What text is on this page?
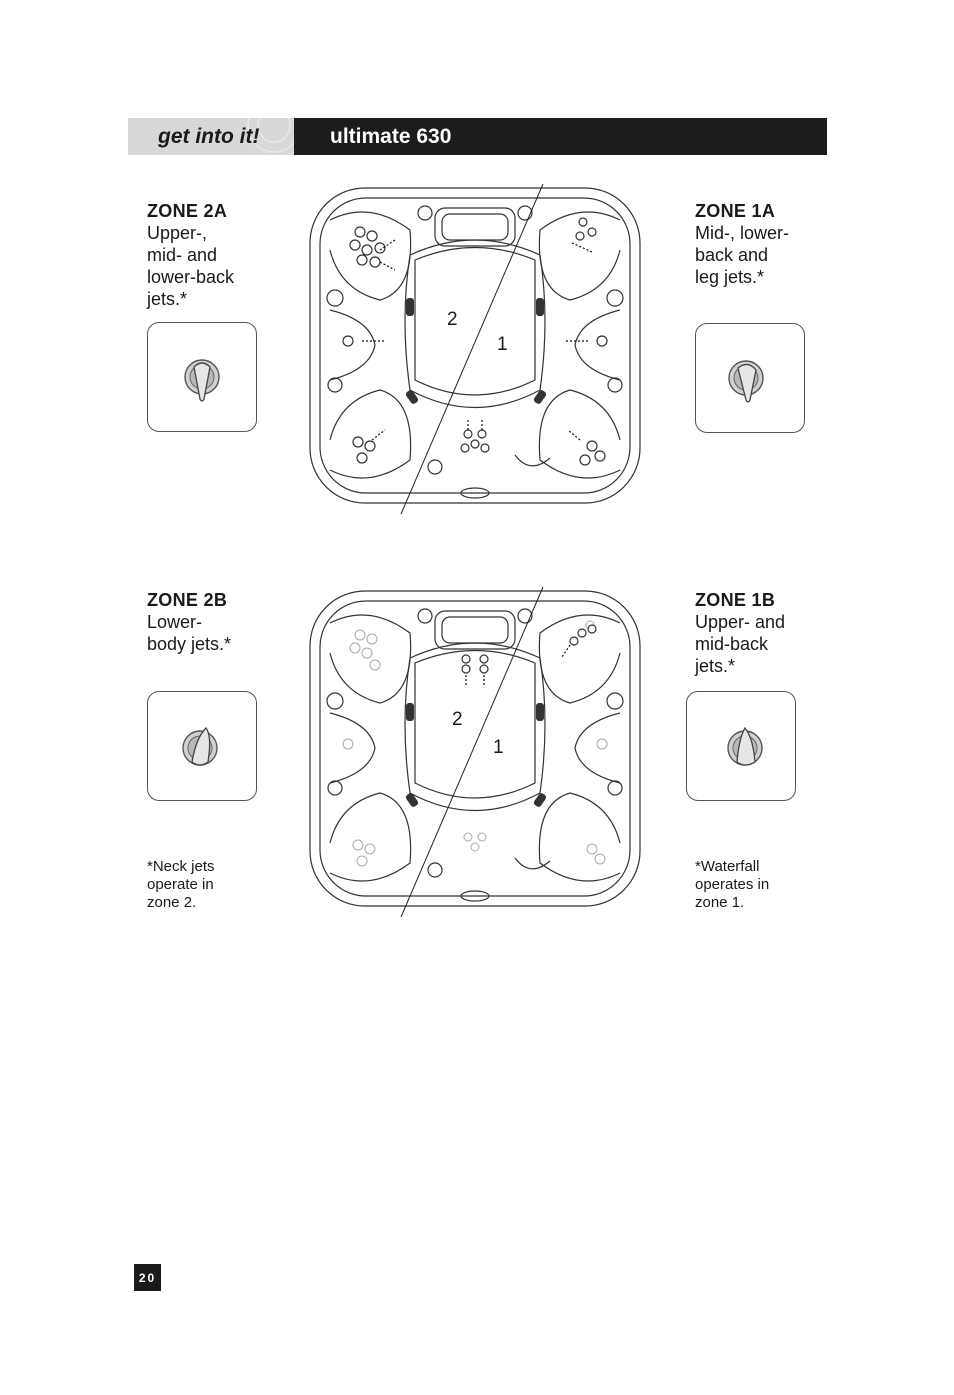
get into it!	ultimate 630
ZONE 2A
Upper-,
mid- and
lower-back
jets.*
ZONE 1A
Mid-, lower-
back and
leg jets.*
ZONE 2B
Lower-
body jets.*
ZONE 1B
Upper- and
mid-back
jets.*
2
1
2
1
*Neck jets
operate in
zone 2.
*Waterfall
operates in
zone 1.
20
